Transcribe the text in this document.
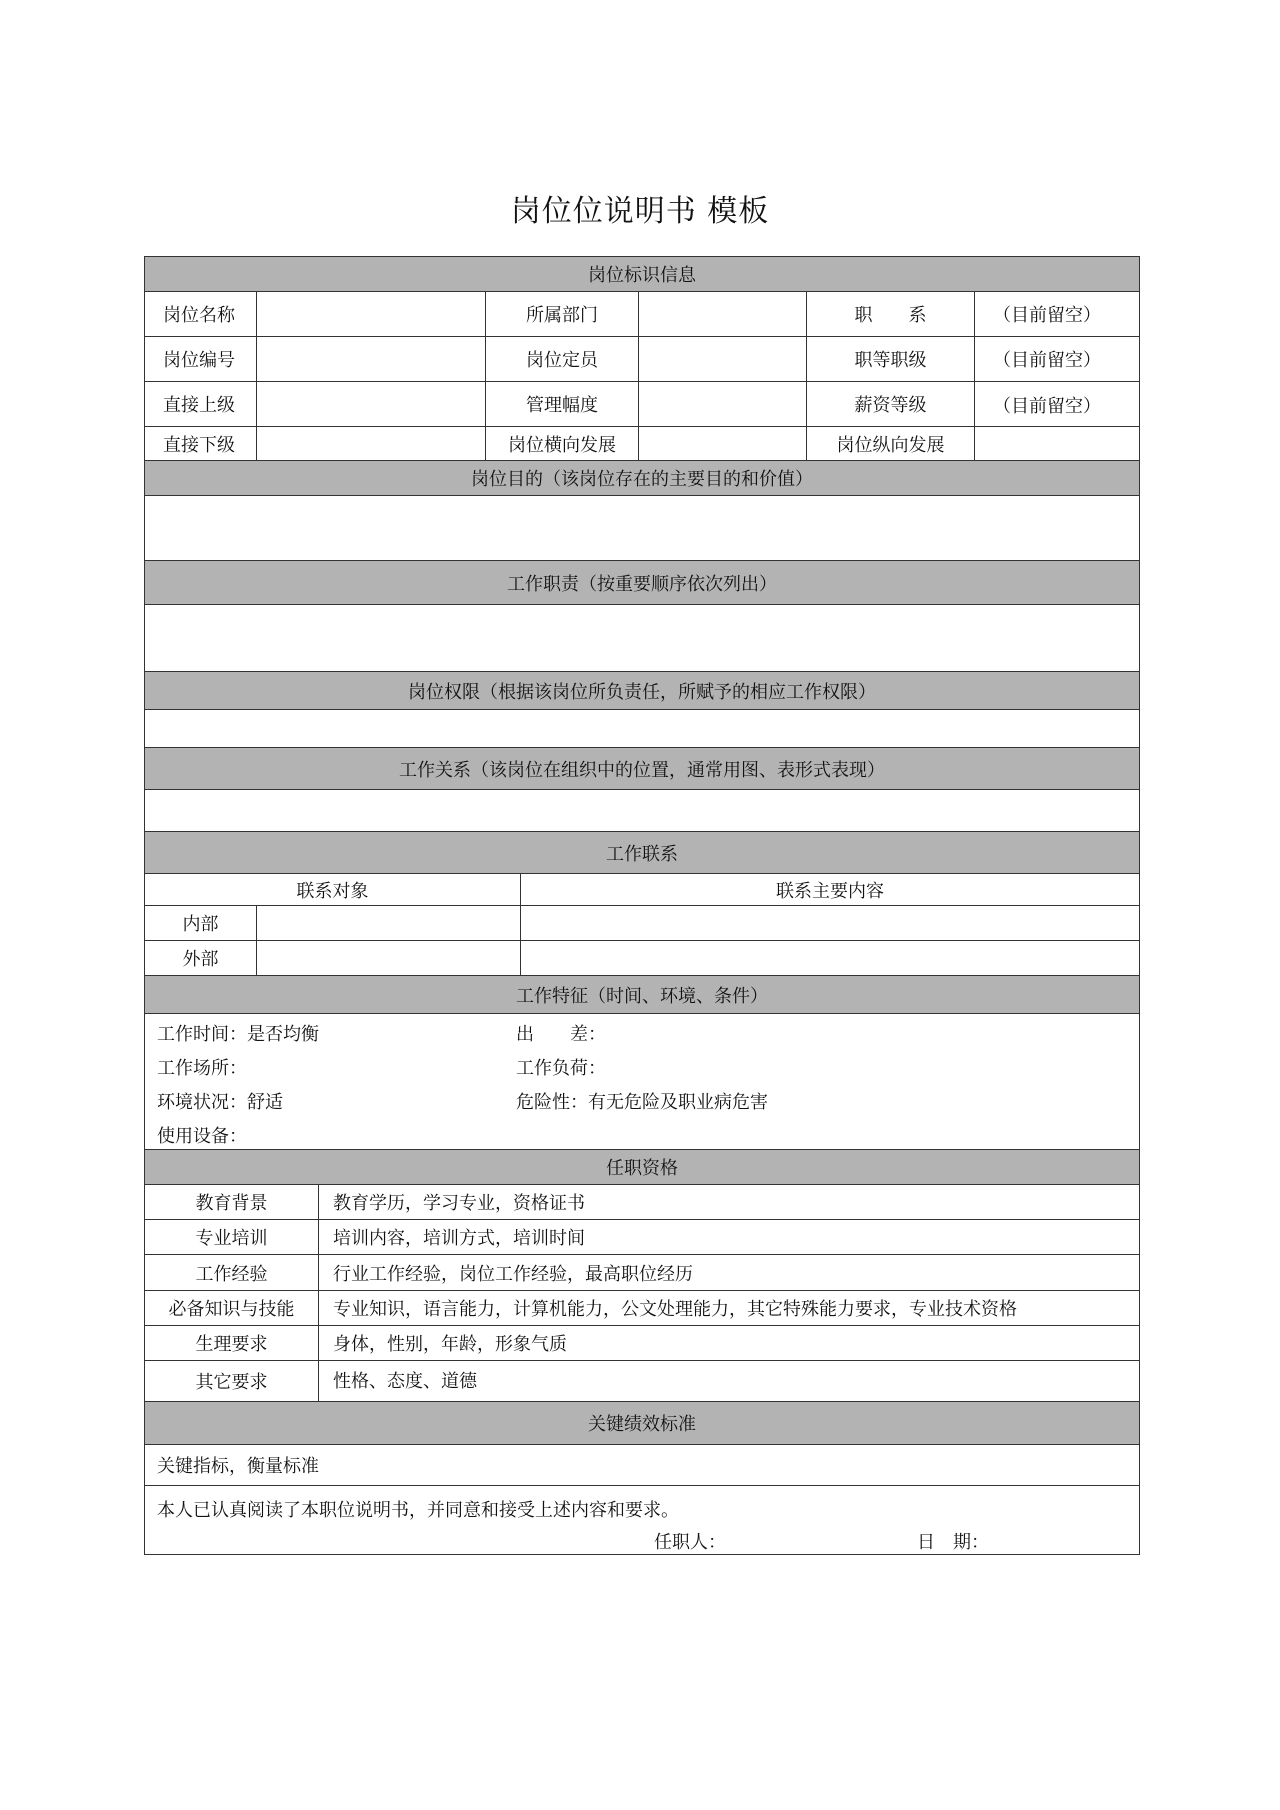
岗位位说明书 模板
岗位标识信息
岗位名称	所属部门	职　　系	（目前留空）
岗位编号	岗位定员	职等职级	（目前留空）
直接上级	管理幅度	薪资等级	（目前留空）
直接下级	岗位横向发展	岗位纵向发展
岗位目的（该岗位存在的主要目的和价值）
工作职责（按重要顺序依次列出）
岗位权限（根据该岗位所负责任，所赋予的相应工作权限）
工作关系（该岗位在组织中的位置，通常用图、表形式表现）
工作联系
联系对象	联系主要内容
内部
外部
工作特征（时间、环境、条件）
工作时间：是否均衡	出　　差：
工作场所：	工作负荷：
环境状况：舒适	危险性：有无危险及职业病危害
使用设备：
任职资格
教育背景	教育学历，学习专业，资格证书
专业培训	培训内容，培训方式，培训时间
工作经验	行业工作经验，岗位工作经验，最高职位经历
必备知识与技能	专业知识，语言能力，计算机能力，公文处理能力，其它特殊能力要求，专业技术资格
生理要求	身体，性别，年龄，形象气质
其它要求	性格、态度、道德
关键绩效标准
关键指标，衡量标准
本人已认真阅读了本职位说明书，并同意和接受上述内容和要求。
任职人：	日　期：
